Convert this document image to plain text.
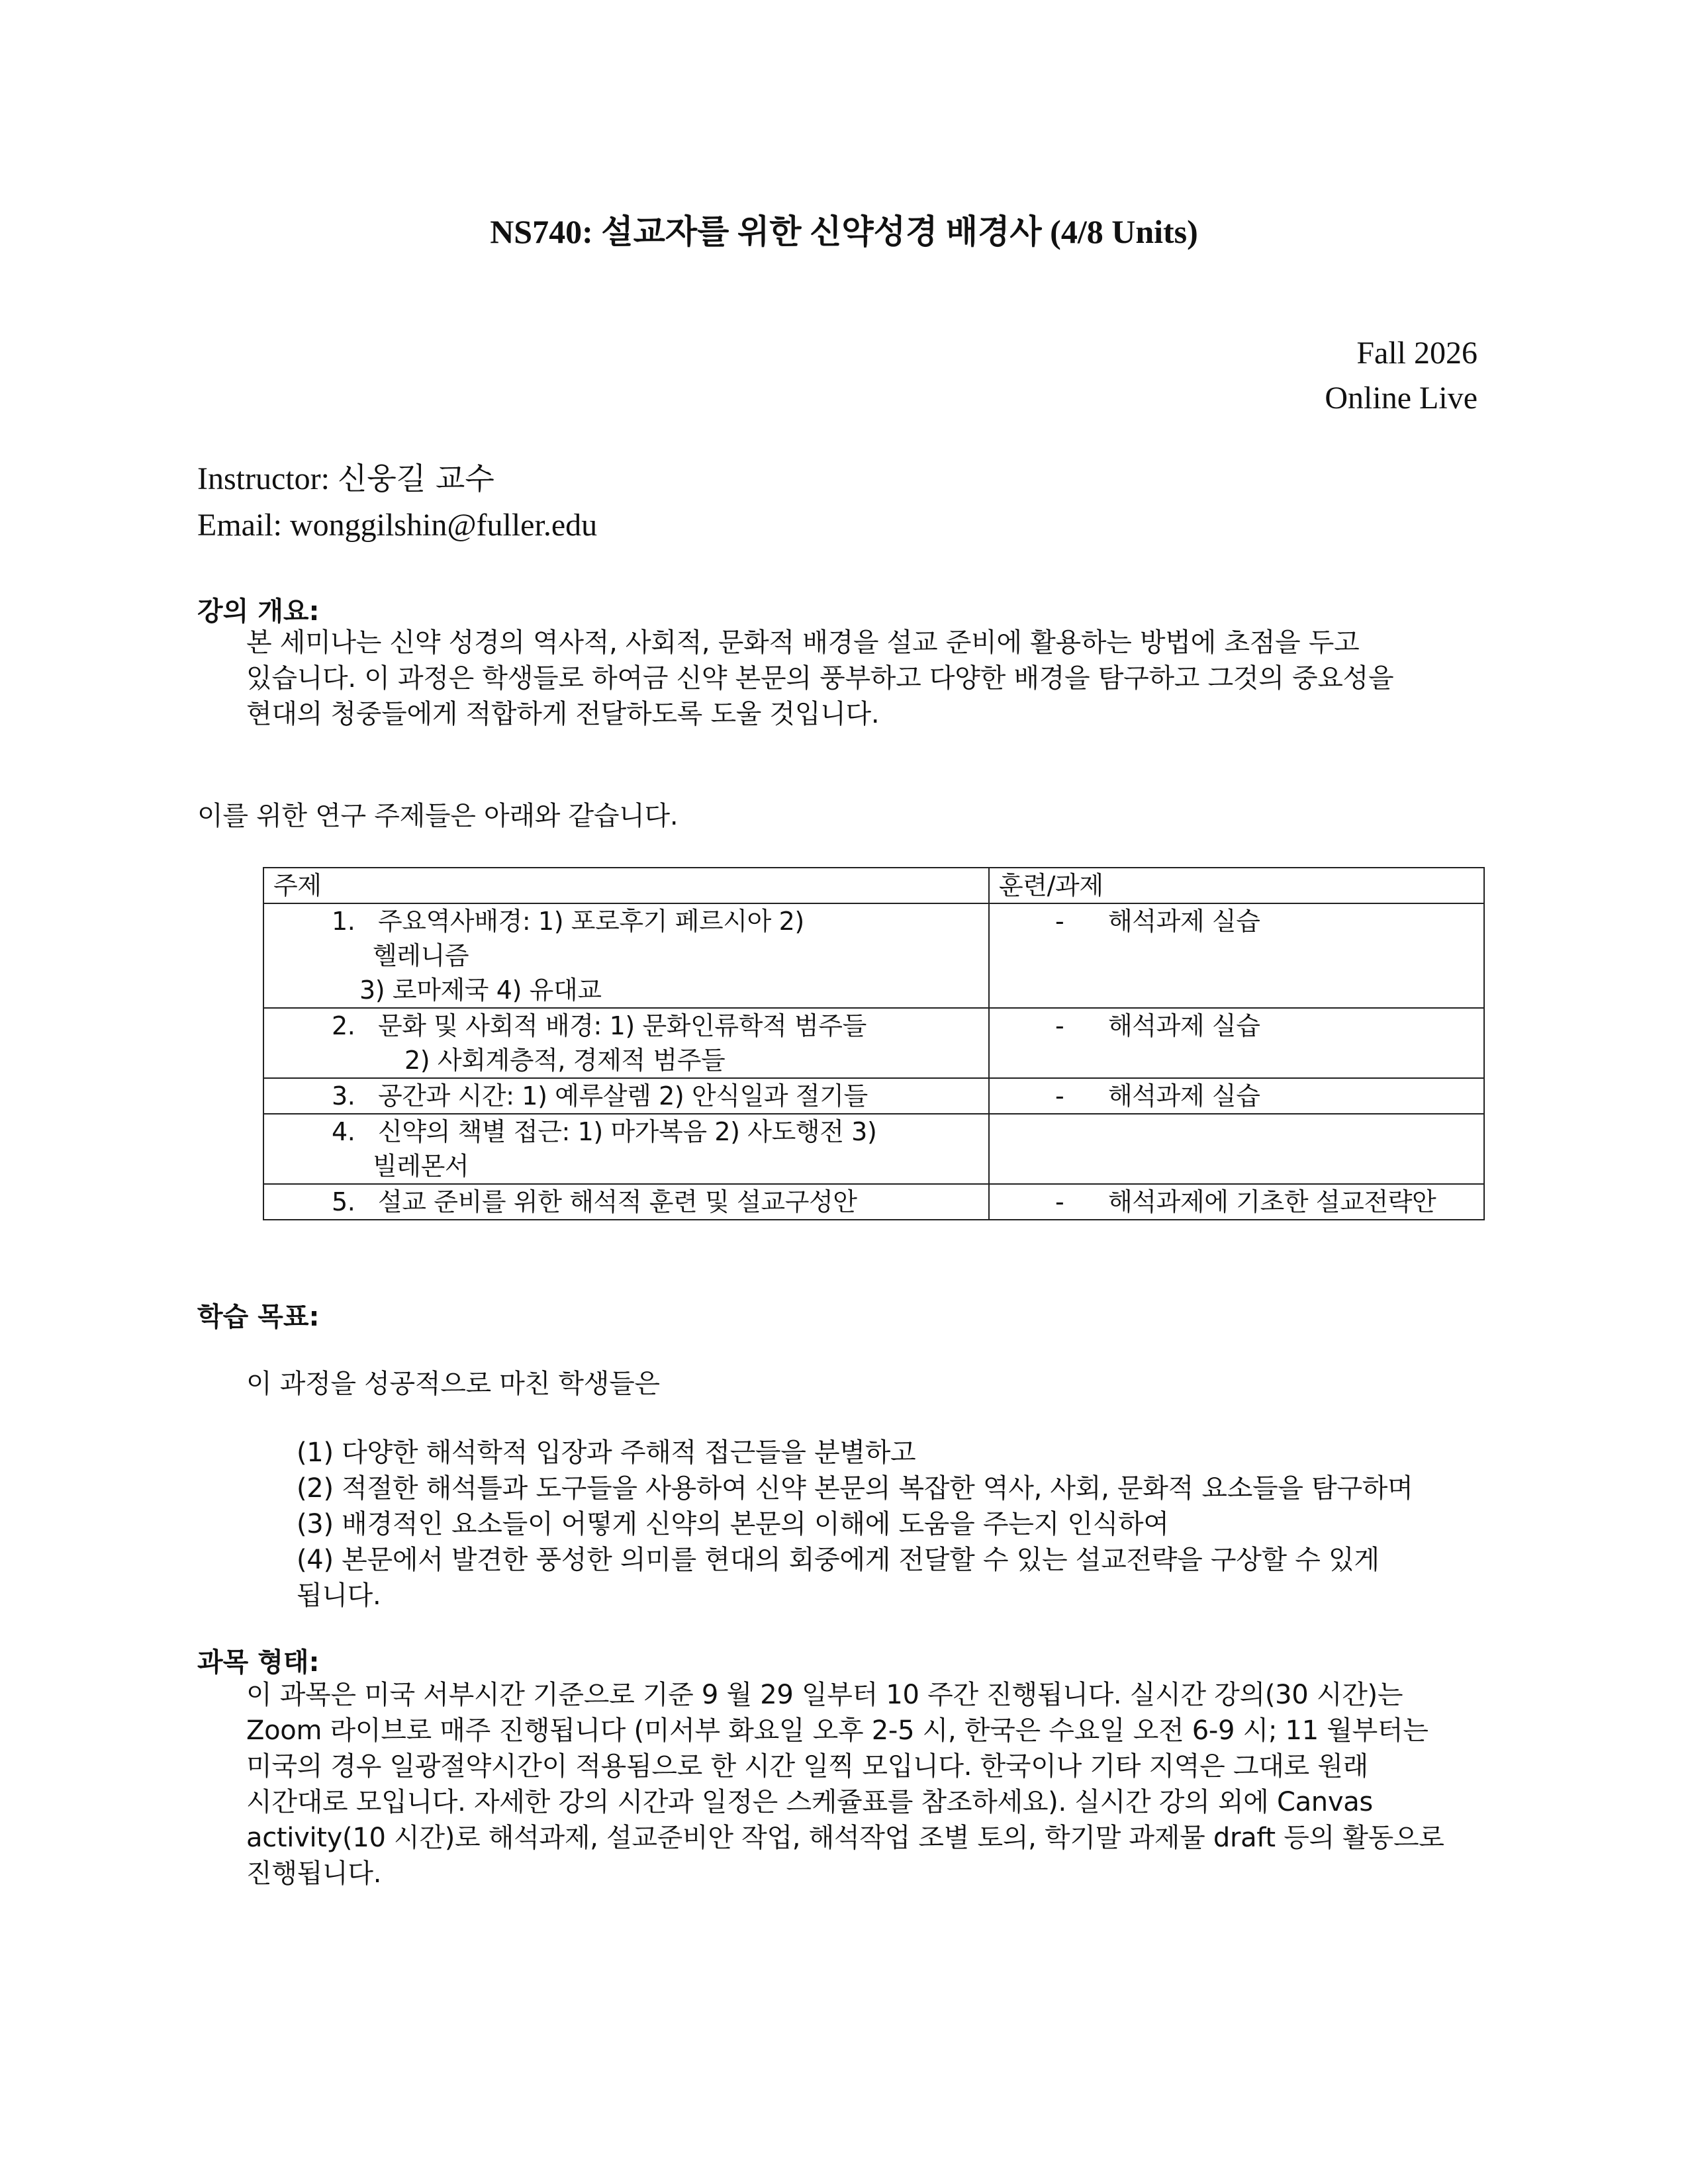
NS740: 설교자를 위한 신약성경 배경사 (4/8 Units)
Fall 2026
Online Live
Instructor: 신웅길 교수
Email: wonggilshin@fuller.edu
강의 개요:
본 세미나는 신약 성경의 역사적, 사회적, 문화적 배경을 설교 준비에 활용하는 방법에 초점을 두고
있습니다. 이 과정은 학생들로 하여금 신약 본문의 풍부하고 다양한 배경을 탐구하고 그것의 중요성을
현대의 청중들에게 적합하게 전달하도록 도울 것입니다.
이를 위한 연구 주제들은 아래와 같습니다.
주제	훈련/과제

1. 주요역사배경: 1) 포로후기 페르시아 2)
헬레니즘
3) 로마제국 4) 유대교	- 해석과제 실습

2. 문화 및 사회적 배경: 1) 문화인류학적 범주들
2) 사회계층적, 경제적 범주들	- 해석과제 실습

3. 공간과 시간: 1) 예루살렘 2) 안식일과 절기들	- 해석과제 실습

4. 신약의 책별 접근: 1) 마가복음 2) 사도행전 3)
빌레몬서	

5. 설교 준비를 위한 해석적 훈련 및 설교구성안	- 해석과제에 기초한 설교전략안
학습 목표:
이 과정을 성공적으로 마친 학생들은
(1) 다양한 해석학적 입장과 주해적 접근들을 분별하고
(2) 적절한 해석틀과 도구들을 사용하여 신약 본문의 복잡한 역사, 사회, 문화적 요소들을 탐구하며
(3) 배경적인 요소들이 어떻게 신약의 본문의 이해에 도움을 주는지 인식하여
(4) 본문에서 발견한 풍성한 의미를 현대의 회중에게 전달할 수 있는 설교전략을 구상할 수 있게
됩니다.
과목 형태:
이 과목은 미국 서부시간 기준으로 기준 9 월 29 일부터 10 주간 진행됩니다. 실시간 강의(30 시간)는
Zoom 라이브로 매주 진행됩니다 (미서부 화요일 오후 2-5 시, 한국은 수요일 오전 6-9 시; 11 월부터는
미국의 경우 일광절약시간이 적용됨으로 한 시간 일찍 모입니다. 한국이나 기타 지역은 그대로 원래
시간대로 모입니다. 자세한 강의 시간과 일정은 스케쥴표를 참조하세요). 실시간 강의 외에 Canvas
activity(10 시간)로 해석과제, 설교준비안 작업, 해석작업 조별 토의, 학기말 과제물 draft 등의 활동으로
진행됩니다.
